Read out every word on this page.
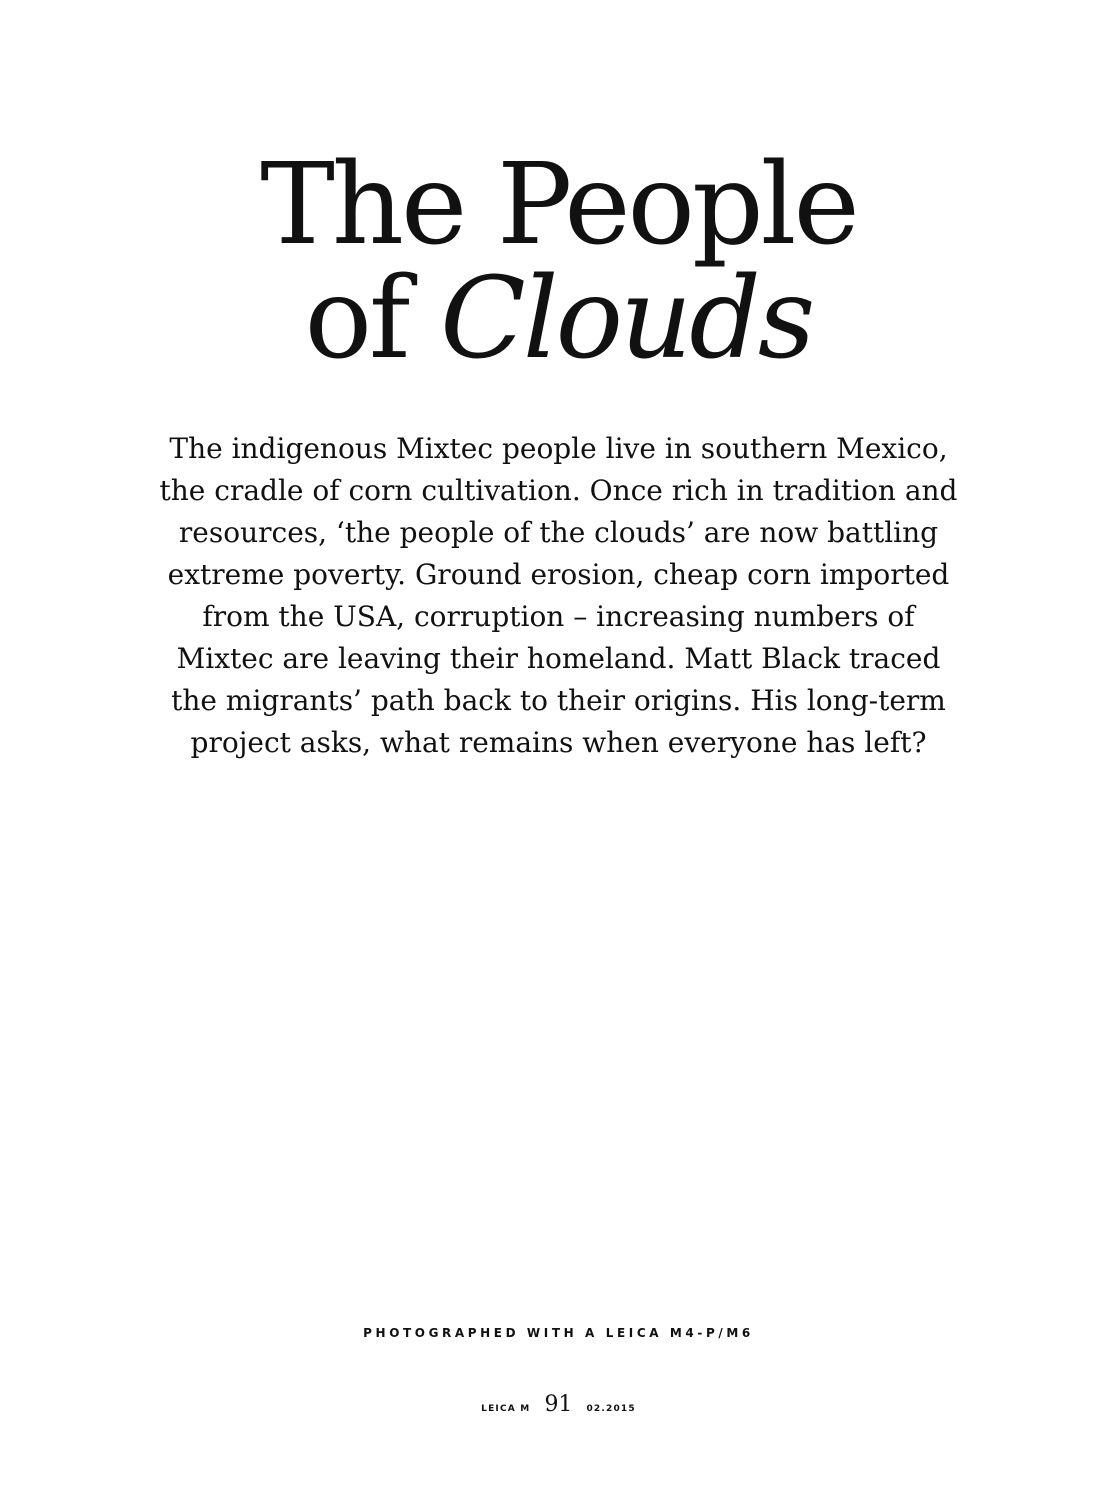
The People
of Clouds

The indigenous Mixtec people live in southern Mexico, the cradle of corn cultivation. Once rich in tradition and resources, ‘the people of the clouds’ are now battling extreme poverty. Ground erosion, cheap corn imported from the USA, corruption – increasing numbers of Mixtec are leaving their homeland. Matt Black traced the migrants’ path back to their origins. His long-term project asks, what remains when everyone has left?

PHOTOGRAPHED WITH A LEICA M4-P/M6

LEICA M 91 02.2015
